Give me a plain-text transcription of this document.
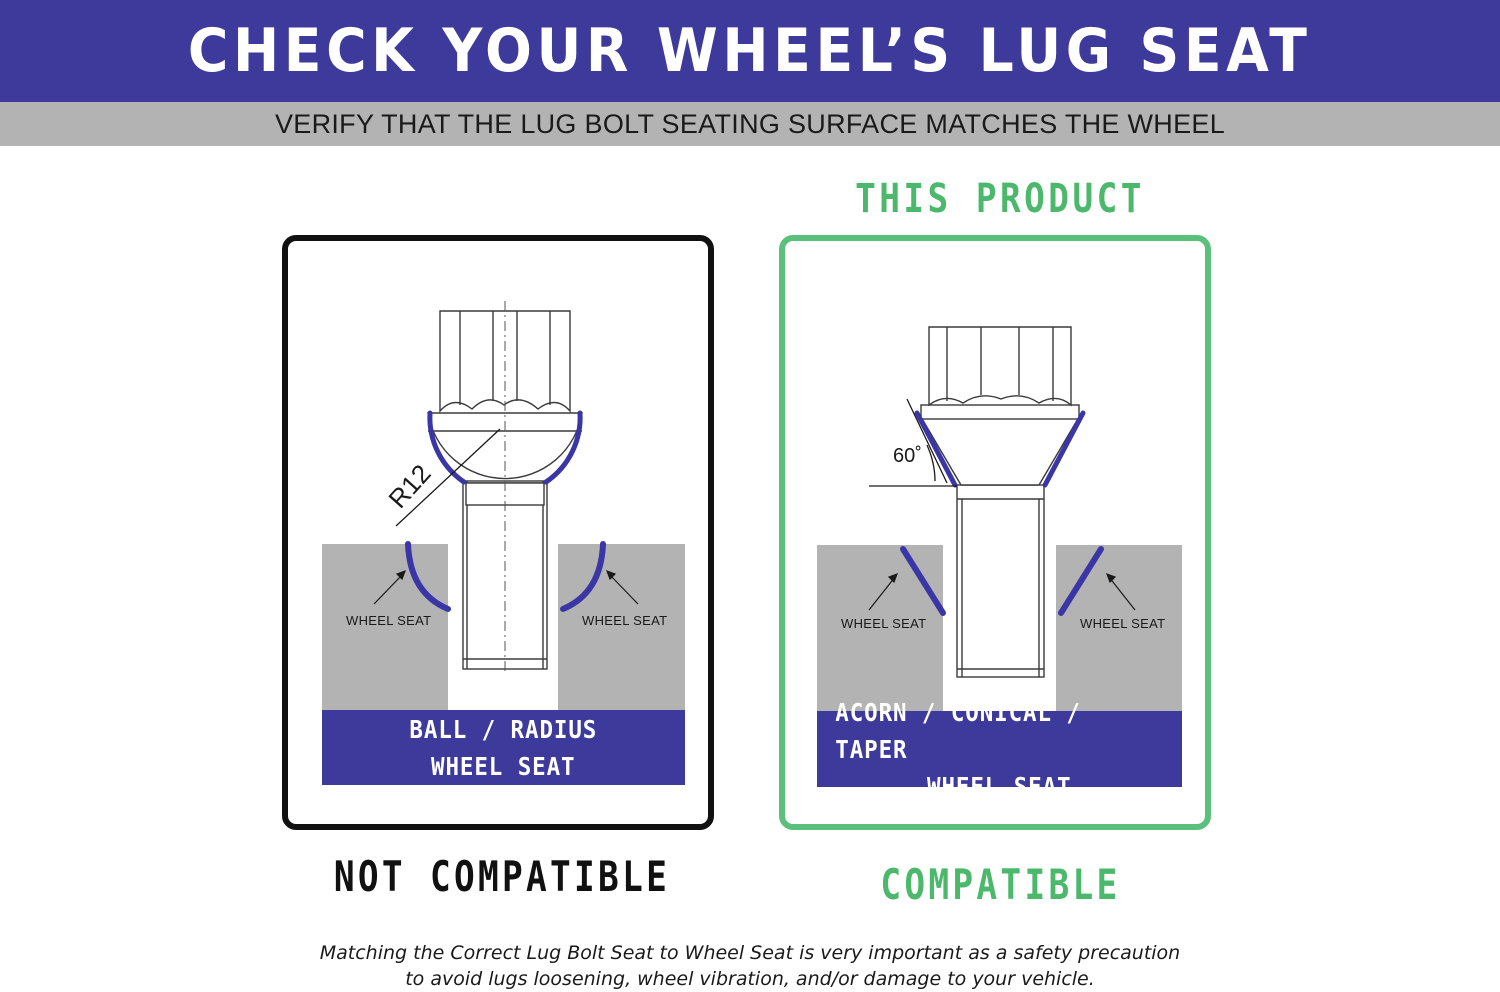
CHECK YOUR WHEEL’S LUG SEAT
VERIFY THAT THE LUG BOLT SEATING SURFACE MATCHES THE WHEEL
THIS PRODUCT
R12
WHEEL SEAT	WHEEL SEAT
BALL / RADIUS
WHEEL SEAT
60˚
WHEEL SEAT	WHEEL SEAT
ACORN / CONICAL / TAPER
WHEEL SEAT
NOT COMPATIBLE	COMPATIBLE
Matching the Correct Lug Bolt Seat to Wheel Seat is very important as a safety precaution
to avoid lugs loosening, wheel vibration, and/or damage to your vehicle.
